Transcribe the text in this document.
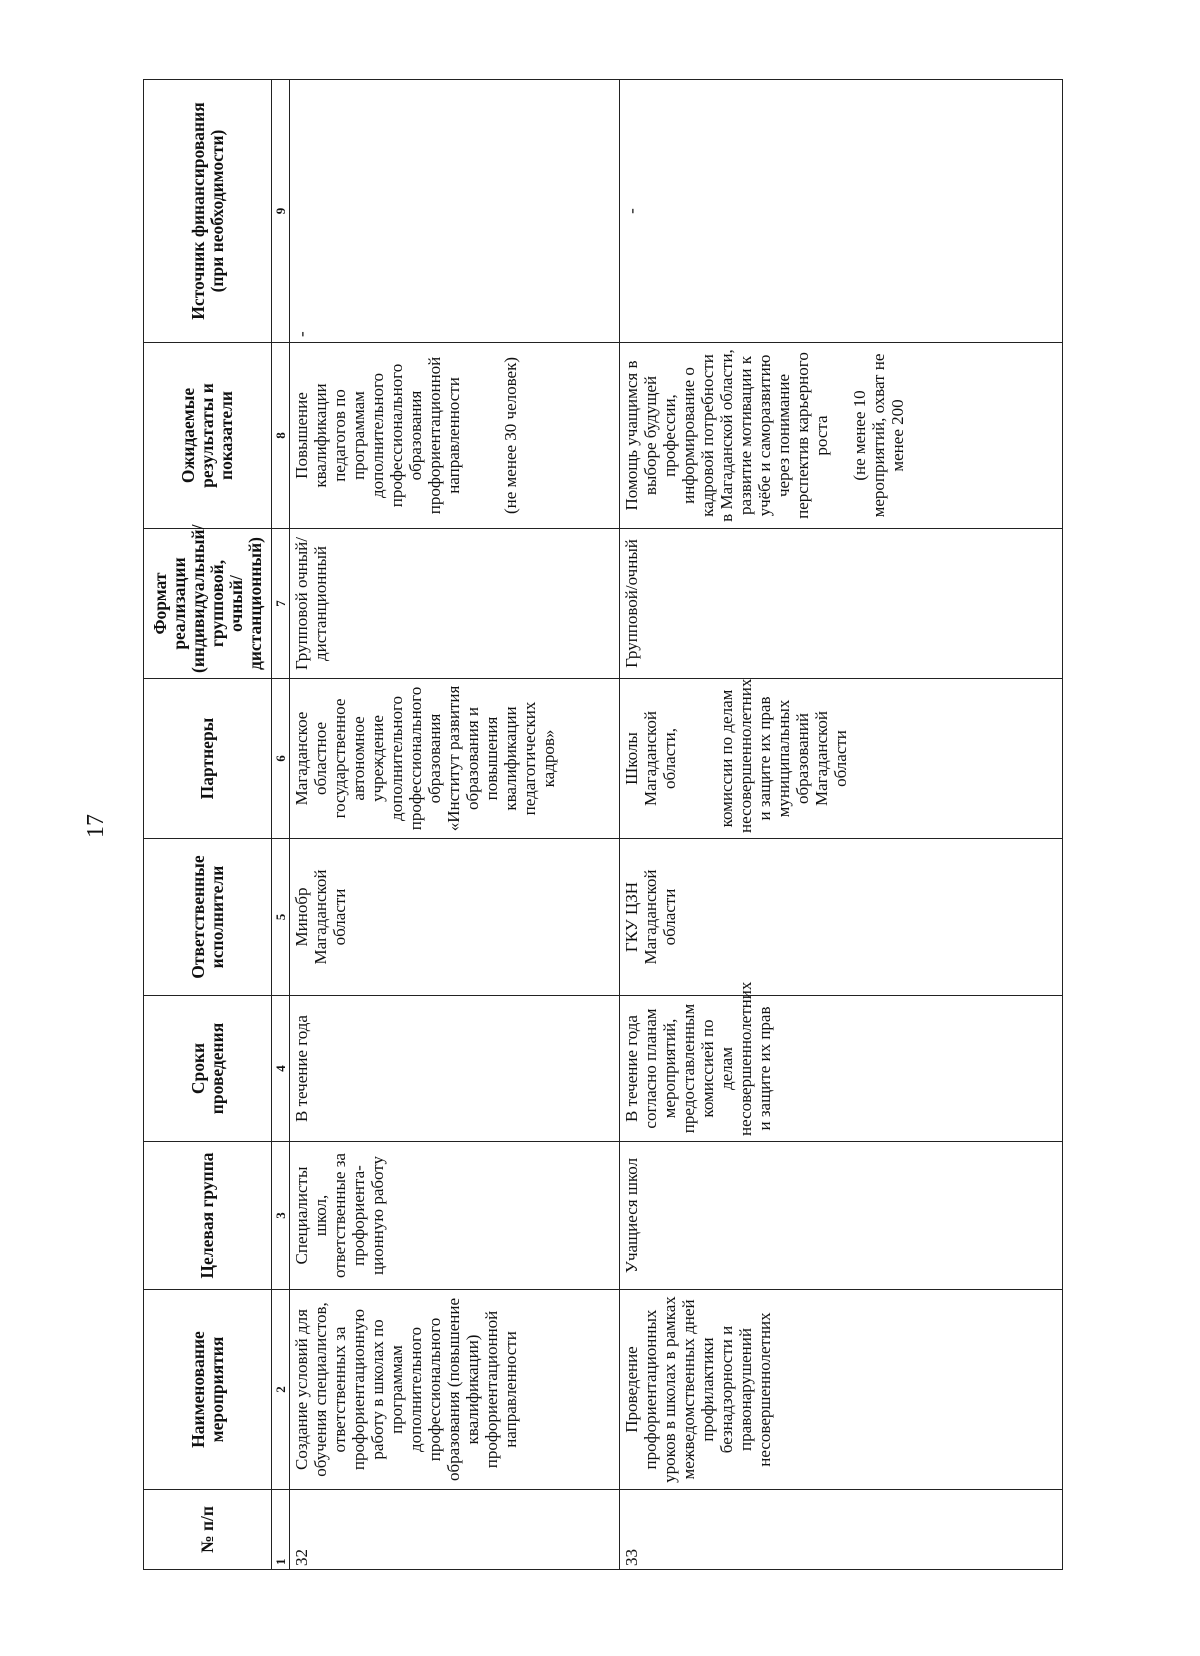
17
№ п/п	Наименование мероприятия	Целевая группа	Сроки проведения	Ответственные исполнители	Партнеры	Формат реализации (индивидуальный/групповой, очный/дистанционный)	Ожидаемые результаты и показатели	Источник финансирования (при необходимости)
1	2	3	4	5	6	7	8	9
32	Создание условий для обучения специалистов, ответственных за профориентационную работу в школах по программам дополнительного профессионального образования (повышение квалификации) профориентационной направленности	Специалисты школ, ответственные за профориента-ционную работу	В течение года	Минобр Магаданской области	Магаданское областное государственное автономное учреждение дополнительного профессионального образования «Институт развития образования и повышения квалификации педагогических кадров»	Групповой очный/дистанционный	Повышение квалификации педагогов по программам дополнительного профессионального образования профориентационной направленности (не менее 30 человек)	-
33	Проведение профориентационных уроков в школах в рамках межведомственных дней профилактики безнадзорности и правонарушений несовершеннолетних	Учащиеся школ	В течение года согласно планам мероприятий, предоставленным комиссией по делам несовершеннолетних и защите их прав	ГКУ ЦЗН Магаданской области	Школы Магаданской области, комиссии по делам несовершеннолетних и защите их прав муниципальных образований Магаданской области	Групповой/очный	Помощь учащимся в выборе будущей профессии, информирование о кадровой потребности в Магаданской области, развитие мотивации к учёбе и саморазвитию через понимание перспектив карьерного роста (не менее 10 мероприятий, охват не менее 200	-
